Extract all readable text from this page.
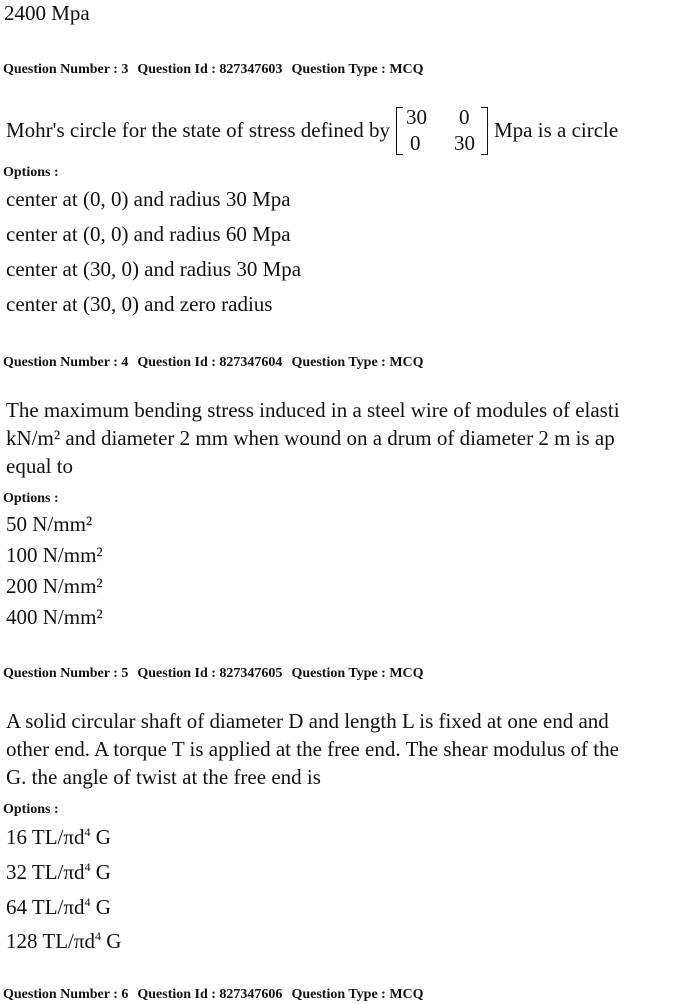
2400 Mpa
Question Number : 3 Question Id : 827347603 Question Type : MCQ
Mohr's circle for the state of stress defined by
30 0
0 30
Mpa is a circle
Options :
center at (0, 0) and radius 30 Mpa
center at (0, 0) and radius 60 Mpa
center at (30, 0) and radius 30 Mpa
center at (30, 0) and zero radius
Question Number : 4 Question Id : 827347604 Question Type : MCQ
The maximum bending stress induced in a steel wire of modules of elasti
kN/m² and diameter 2 mm when wound on a drum of diameter 2 m is ap
equal to
Options :
50 N/mm²
100 N/mm²
200 N/mm²
400 N/mm²
Question Number : 5 Question Id : 827347605 Question Type : MCQ
A solid circular shaft of diameter D and length L is fixed at one end and
other end. A torque T is applied at the free end. The shear modulus of the
G. the angle of twist at the free end is
Options :
16 $TL/\pi d^4$ G
32 $TL/\pi d^4$ G
64 $TL/\pi d^4$ G
128 $TL/\pi d^4$ G
Question Number : 6 Question Id : 827347606 Question Type : MCQ
